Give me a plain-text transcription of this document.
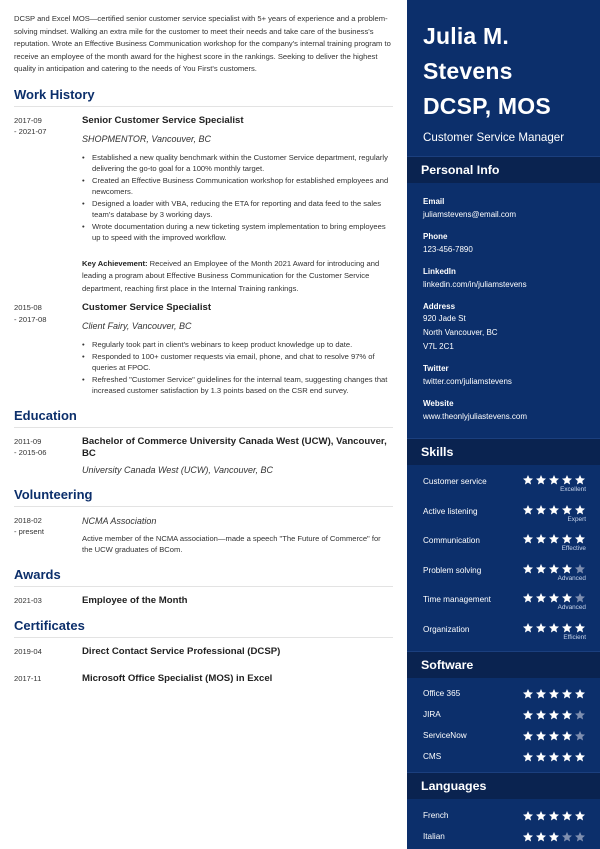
DCSP and Excel MOS—certified senior customer service specialist with 5+ years of experience and a problem-solving mindset. Walking an extra mile for the customer to meet their needs and take care of the business's reputation. Wrote an Effective Business Communication workshop for the company's internal training program to receive an employee of the month award for the highest score in the rankings. Seeking to deliver the highest quality in anticipation and catering to the needs of You First's customers.

Work History
2017-09
- 2021-07
Senior Customer Service Specialist
SHOPMENTOR, Vancouver, BC
• Established a new quality benchmark within the Customer Service department, regularly delivering the go-to goal for a 100% monthly target.
• Created an Effective Business Communication workshop for established employees and newcomers.
• Designed a loader with VBA, reducing the ETA for reporting and data feed to the sales team's database by 3 working days.
• Wrote documentation during a new ticketing system implementation to bring employees up to speed with the improved workflow.

Key Achievement: Received an Employee of the Month 2021 Award for introducing and leading a program about Effective Business Communication for the Customer Service department, reaching first place in the Internal Training rankings.

2015-08
- 2017-08
Customer Service Specialist
Client Fairy, Vancouver, BC
• Regularly took part in client's webinars to keep product knowledge up to date.
• Responded to 100+ customer requests via email, phone, and chat to resolve 97% of queries at FPOC.
• Refreshed "Customer Service" guidelines for the internal team, suggesting changes that increased customer satisfaction by 1.3 points based on the CSR end survey.
Education
2011-09
- 2015-06
Bachelor of Commerce University Canada West (UCW), Vancouver, BC
University Canada West (UCW), Vancouver, BC
Volunteering
2018-02
- present
NCMA Association

Active member of the NCMA association—made a speech "The Future of Commerce" for the UCW graduates of BCom.

Awards
2021-03	Employee of the Month
Certificates
2019-04	Direct Contact Service Professional (DCSP)
2017-11	Microsoft Office Specialist (MOS) in Excel
Julia M.
Stevens
DCSP, MOS
Customer Service Manager
Personal Info
Email
juliamstevens@email.com
Phone
123-456-7890
LinkedIn
linkedin.com/in/juliamstevens
Address
920 Jade St
North Vancouver, BC
V7L 2C1
Twitter
twitter.com/juliamstevens
Website
www.theonlyjuliastevens.com
Skills
Customer service
Excellent
Active listening
Expert
Communication
Effective
Problem solving
Advanced
Time management
Advanced
Organization
Efficient
Software
Office 365
JIRA
ServiceNow
CMS
Languages
French
Italian
